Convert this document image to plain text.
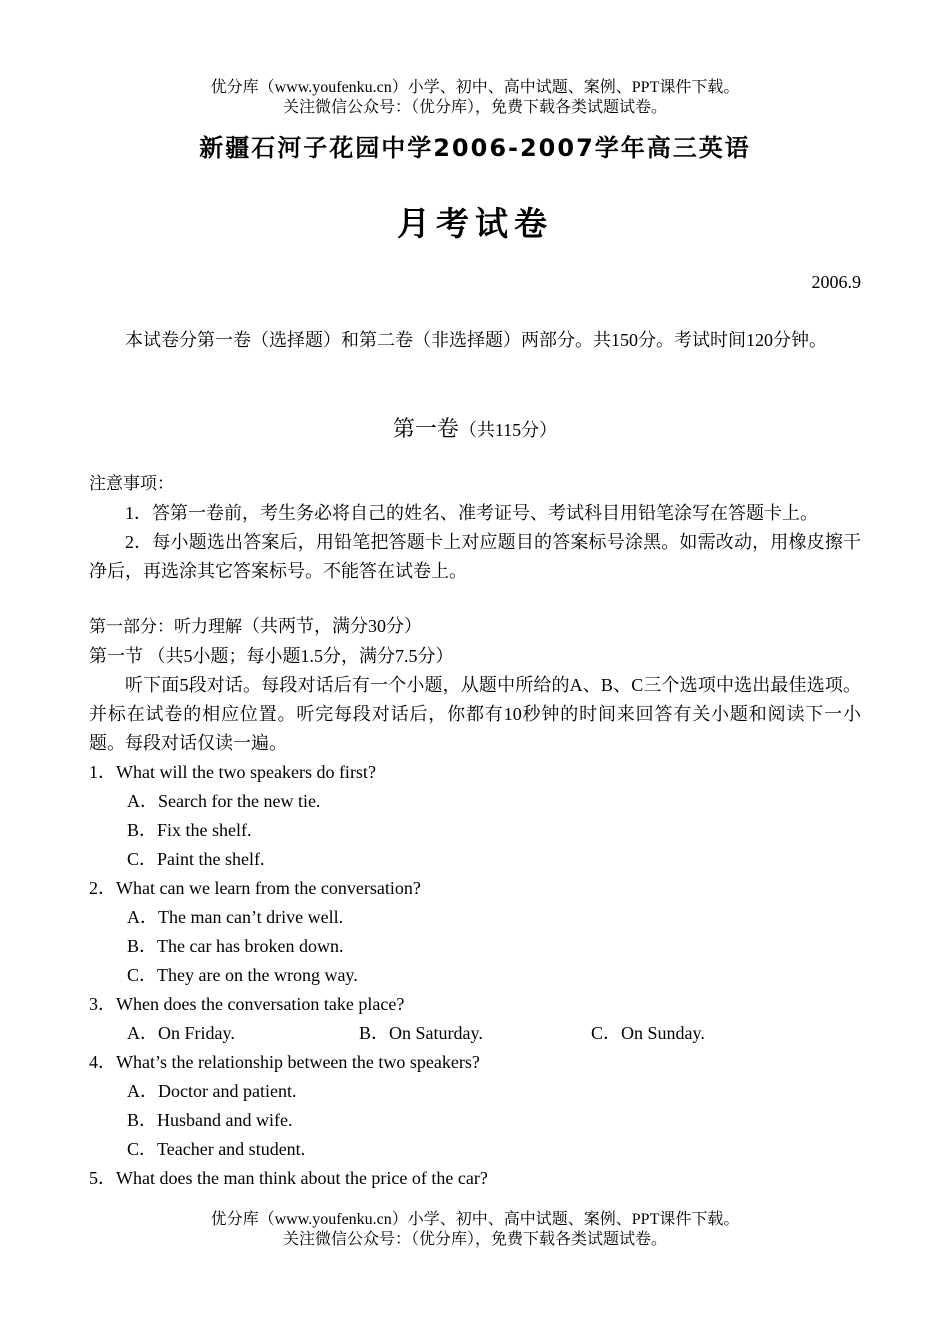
优分库（www.youfenku.cn）小学、初中、高中试题、案例、PPT课件下载。
关注微信公众号：（优分库），免费下载各类试题试卷。
新疆石河子花园中学2006-2007学年高三英语
月考试卷
2006.9

本试卷分第一卷（选择题）和第二卷（非选择题）两部分。共150分。考试时间120分钟。

第一卷（共115分）
注意事项：

1．答第一卷前，考生务必将自己的姓名、准考证号、考试科目用铅笔涂写在答题卡上。

2．每小题选出答案后，用铅笔把答题卡上对应题目的答案标号涂黑。如需改动，用橡皮擦干净后，再选涂其它答案标号。不能答在试卷上。

第一部分：听力理解（共两节，满分30分）
第一节 （共5小题；每小题1.5分，满分7.5分）

听下面5段对话。每段对话后有一个小题，从题中所给的A、B、C三个选项中选出最佳选项。并标在试卷的相应位置。听完每段对话后，你都有10秒钟的时间来回答有关小题和阅读下一小题。每段对话仅读一遍。

1．What will the two speakers do first?

A．Search for the new tie.

B．Fix the shelf.

C．Paint the shelf.

2．What can we learn from the conversation?

A．The man can’t drive well.

B．The car has broken down.

C．They are on the wrong way.

3．When does the conversation take place?

A．On Friday.	B．On Saturday.	C．On Sunday.

4．What’s the relationship between the two speakers?

A．Doctor and patient.

B．Husband and wife.

C．Teacher and student.

5．What does the man think about the price of the car?

优分库（www.youfenku.cn）小学、初中、高中试题、案例、PPT课件下载。
关注微信公众号：（优分库），免费下载各类试题试卷。
